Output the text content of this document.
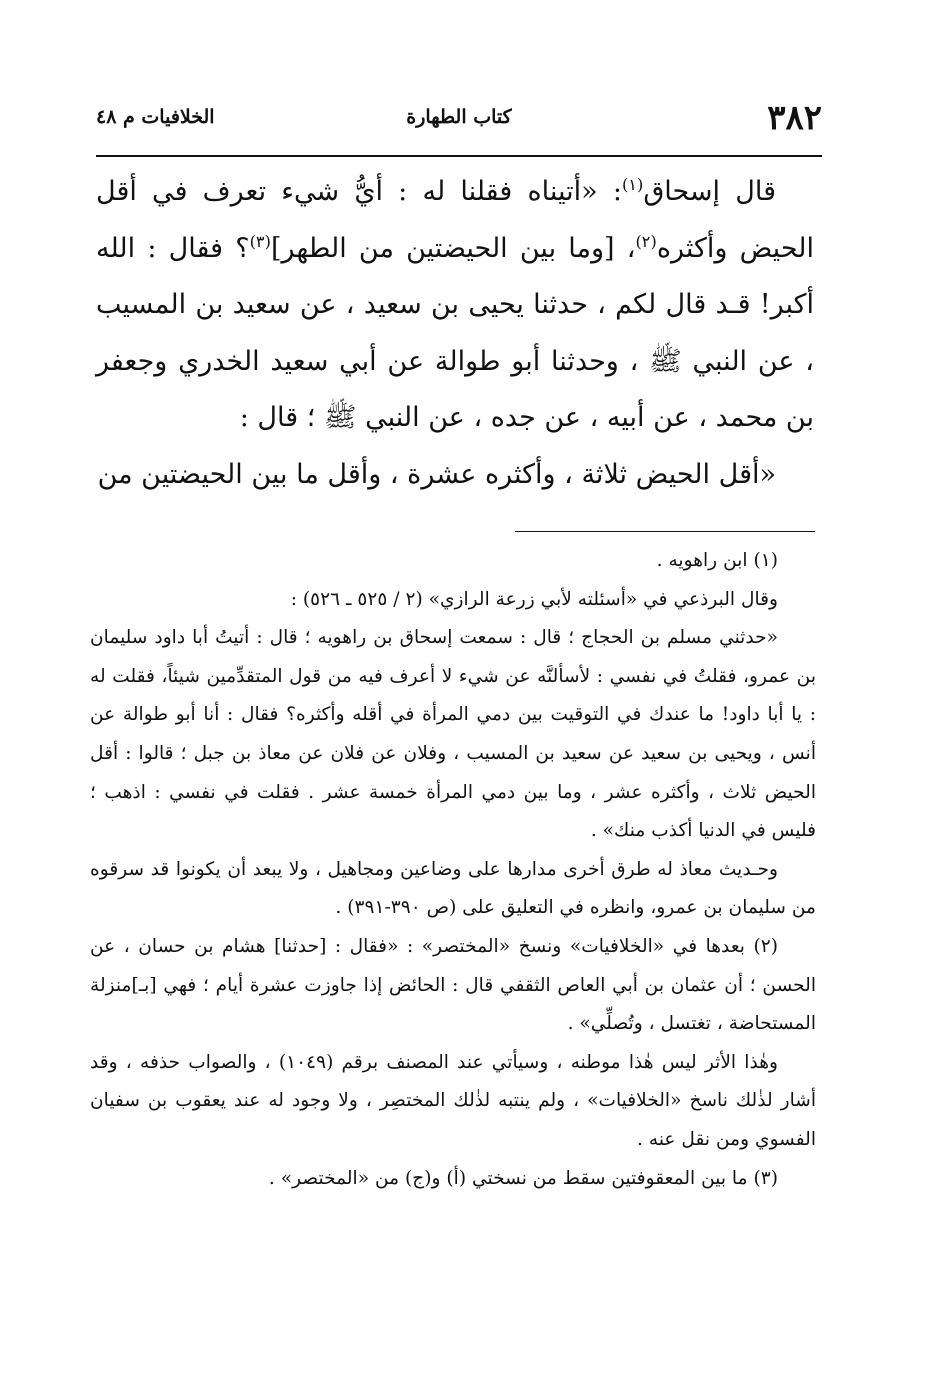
٣٨٢
كتاب الطهارة
الخلافيات م ٤٨

قال إسحاق$^{(١)}$: «أتيناه فقلنا له : أيُّ شيء تعرف في أقل الحيض وأكثره$^{(٢)}$، [وما بين الحيضتين من الطهر]$^{(٣)}$؟ فقال : الله أكبر! قـد قال لكم ، حدثنا يحيى بن سعيد ، عن سعيد بن المسيب ، عن النبي ﷺ ، وحدثنا أبو طوالة عن أبي سعيد الخدري وجعفر بن محمد ، عن أبيه ، عن جده ، عن النبي ﷺ ؛ قال :

«أقل الحيض ثلاثة ، وأكثره عشرة ، وأقل ما بين الحيضتين من

(١) ابن راهويه .

وقال البرذعي في «أسئلته لأبي زرعة الرازي» (٢ / ٥٢٥ ـ ٥٢٦) :

«حدثني مسلم بن الحجاج ؛ قال : سمعت إسحاق بن راهويه ؛ قال : أتيتُ أبا داود سليمان بن عمرو، فقلتُ في نفسي : لأسألنَّه عن شيء لا أعرف فيه من قول المتقدِّمين شيئاً، فقلت له : يا أبا داود! ما عندك في التوقيت بين دمي المرأة في أقله وأكثره؟ فقال : أنا أبو طوالة عن أنس ، ويحيى بن سعيد عن سعيد بن المسيب ، وفلان عن فلان عن معاذ بن جبل ؛ قالوا : أقل الحيض ثلاث ، وأكثره عشر ، وما بين دمي المرأة خمسة عشر . فقلت في نفسي : اذهب ؛ فليس في الدنيا أكذب منك» .

وحـديث معاذ له طرق أخرى مدارها على وضاعين ومجاهيل ، ولا يبعد أن يكونوا قد سرقوه من سليمان بن عمرو، وانظره في التعليق على (ص ٣٩٠-٣٩١) .

(٢) بعدها في «الخلافيات» ونسخ «المختصر» : «فقال : [حدثنا] هشام بن حسان ، عن الحسن ؛ أن عثمان بن أبي العاص الثقفي قال : الحائض إذا جاوزت عشرة أيام ؛ فهي [بـ]منزلة المستحاضة ، تغتسل ، وتُصلِّي» .

وهٰذا الأثر ليس هٰذا موطنه ، وسيأتي عند المصنف برقم (١٠٤٩) ، والصواب حذفه ، وقد أشار لذٰلك ناسخ «الخلافيات» ، ولم ينتبه لذٰلك المختصِر ، ولا وجود له عند يعقوب بن سفيان الفسوي ومن نقل عنه .

(٣) ما بين المعقوفتين سقط من نسختي (أ) و(ج) من «المختصر» .
